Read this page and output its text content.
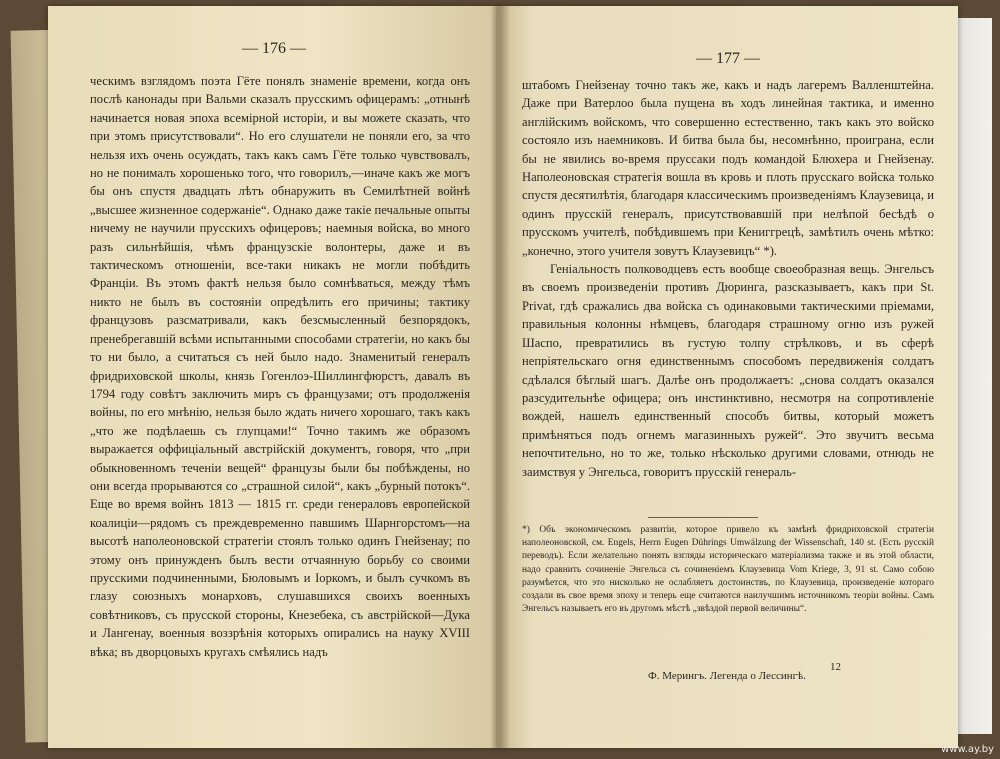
— 176 —

ческимъ взглядомъ поэта Гёте понялъ знаменіе времени, когда онъ послѣ канонады при Вальми сказалъ прусскимъ офицерамъ: „отнынѣ начинается новая эпоха всемірной исторіи, и вы можете сказать, что при этомъ присутствовали“. Но его слушатели не поняли его, за что нельзя ихъ очень осуждать, такъ какъ самъ Гёте только чувствовалъ, но не понималъ хорошенько того, что говорилъ,—иначе какъ же могъ бы онъ спустя двадцать лѣтъ обнаружить въ Семилѣтней войнѣ „высшее жизненное содержаніе“. Однако даже такіе печальные опыты ничему не научили прусскихъ офицеровъ; наемныя войска, во много разъ сильнѣйшія, чѣмъ французскіе волонтеры, даже и въ тактическомъ отношеніи, все-таки никакъ не могли побѣдить Франціи. Въ этомъ фактѣ нельзя было сомнѣваться, между тѣмъ никто не былъ въ состояніи опредѣлить его причины; тактику французовъ разсматривали, какъ безсмысленный безпорядокъ, пренебрегавшій всѣми испытанными способами стратегіи, но какъ бы то ни было, а считаться съ ней было надо. Знаменитый генералъ фридриховской школы, князь Гогенлоэ-Шиллингфюрстъ, давалъ въ 1794 году совѣтъ заключить миръ съ французами; отъ продолженія войны, по его мнѣнію, нельзя было ждать ничего хорошаго, такъ какъ „что же подѣлаешь съ глупцами!“ Точно такимъ же образомъ выражается оффиціальный австрійскій документъ, говоря, что „при обыкновенномъ теченіи вещей“ французы были бы побѣждены, но они всегда прорываются со „страшной силой“, какъ „бурный потокъ“. Еще во время войнъ 1813 — 1815 гг. среди генераловъ европейской коалиціи—рядомъ съ преждевременно павшимъ Шарнгорстомъ—на высотѣ наполеоновской стратегіи стоялъ только одинъ Гнейзенау; по этому онъ принужденъ былъ вести отчаянную борьбу со своими прусскими подчиненными, Бюловымъ и Іоркомъ, и былъ сучкомъ въ глазу союзныхъ монарховъ, слушавшихся своихъ военныхъ совѣтниковъ, съ прусской стороны, Кнезебека, съ австрійской—Дука и Лангенау, военныя воззрѣнія которыхъ опирались на науку XVIII вѣка; въ дворцовыхъ кругахъ смѣялись надъ

— 177 —

штабомъ Гнейзенау точно такъ же, какъ и надъ лагеремъ Валленштейна. Даже при Ватерлоо была пущена въ ходъ линейная тактика, и именно англійскимъ войскомъ, что совершенно естественно, такъ какъ это войско состояло изъ наемниковъ. И битва была бы, несомнѣнно, проиграна, если бы не явились во-время пруссаки подъ командой Блюхера и Гнейзенау. Наполеоновская стратегія вошла въ кровь и плоть прусскаго войска только спустя десятилѣтія, благодаря классическимъ произведеніямъ Клаузевица, и одинъ прусскій генералъ, присутствовавшій при нелѣпой бесѣдѣ о прусскомъ учителѣ, побѣдившемъ при Кениггрецѣ, замѣтилъ очень мѣтко: „конечно, этого учителя зовутъ Клаузевицъ“ *).

Геніальность полководцевъ есть вообще своеобразная вещь. Энгельсъ въ своемъ произведеніи противъ Дюринга, разсказываетъ, какъ при St. Privat, гдѣ сражались два войска съ одинаковыми тактическими пріемами, правильныя колонны нѣмцевъ, благодаря страшному огню изъ ружей Шаспо, превратились въ густую толпу стрѣлковъ, и въ сферѣ непріятельскаго огня единственнымъ способомъ передвиженія солдатъ сдѣлался бѣглый шагъ. Далѣе онъ продолжаетъ: „снова солдатъ оказался разсудительнѣе офицера; онъ инстинктивно, несмотря на сопротивленіе вождей, нашелъ единственный способъ битвы, который можетъ примѣняться подъ огнемъ магазинныхъ ружей“. Это звучитъ весьма непочтительно, но то же, только нѣсколько другими словами, отнюдь не заимствуя у Энгельса, говоритъ прусскій генераль-

*) Объ экономическомъ развитіи, которое привело къ замѣнѣ фридриховской стратегіи наполеоновской, см. Engels, Herrn Eugen Dührings Umwälzung der Wissenschaft, 140 st. (Есть русскій переводъ). Если желательно понять взгляды историческаго матеріализма также и въ этой области, надо сравнить сочиненіе Энгельса съ сочиненіемъ Клаузевица Vom Kriege, 3, 91 st. Само собою разумѣется, что это нисколько не ослабляетъ достоинствъ, по Клаузевица, произведеніе котораго создали въ свое время эпоху и теперь еще считаются наилучшимъ источникомъ теоріи войны. Самъ Энгельсъ называетъ его въ другомъ мѣстѣ „звѣздой первой величины“.

Ф. Мерингъ. Легенда о Лессингѣ.
12
www.ay.by
